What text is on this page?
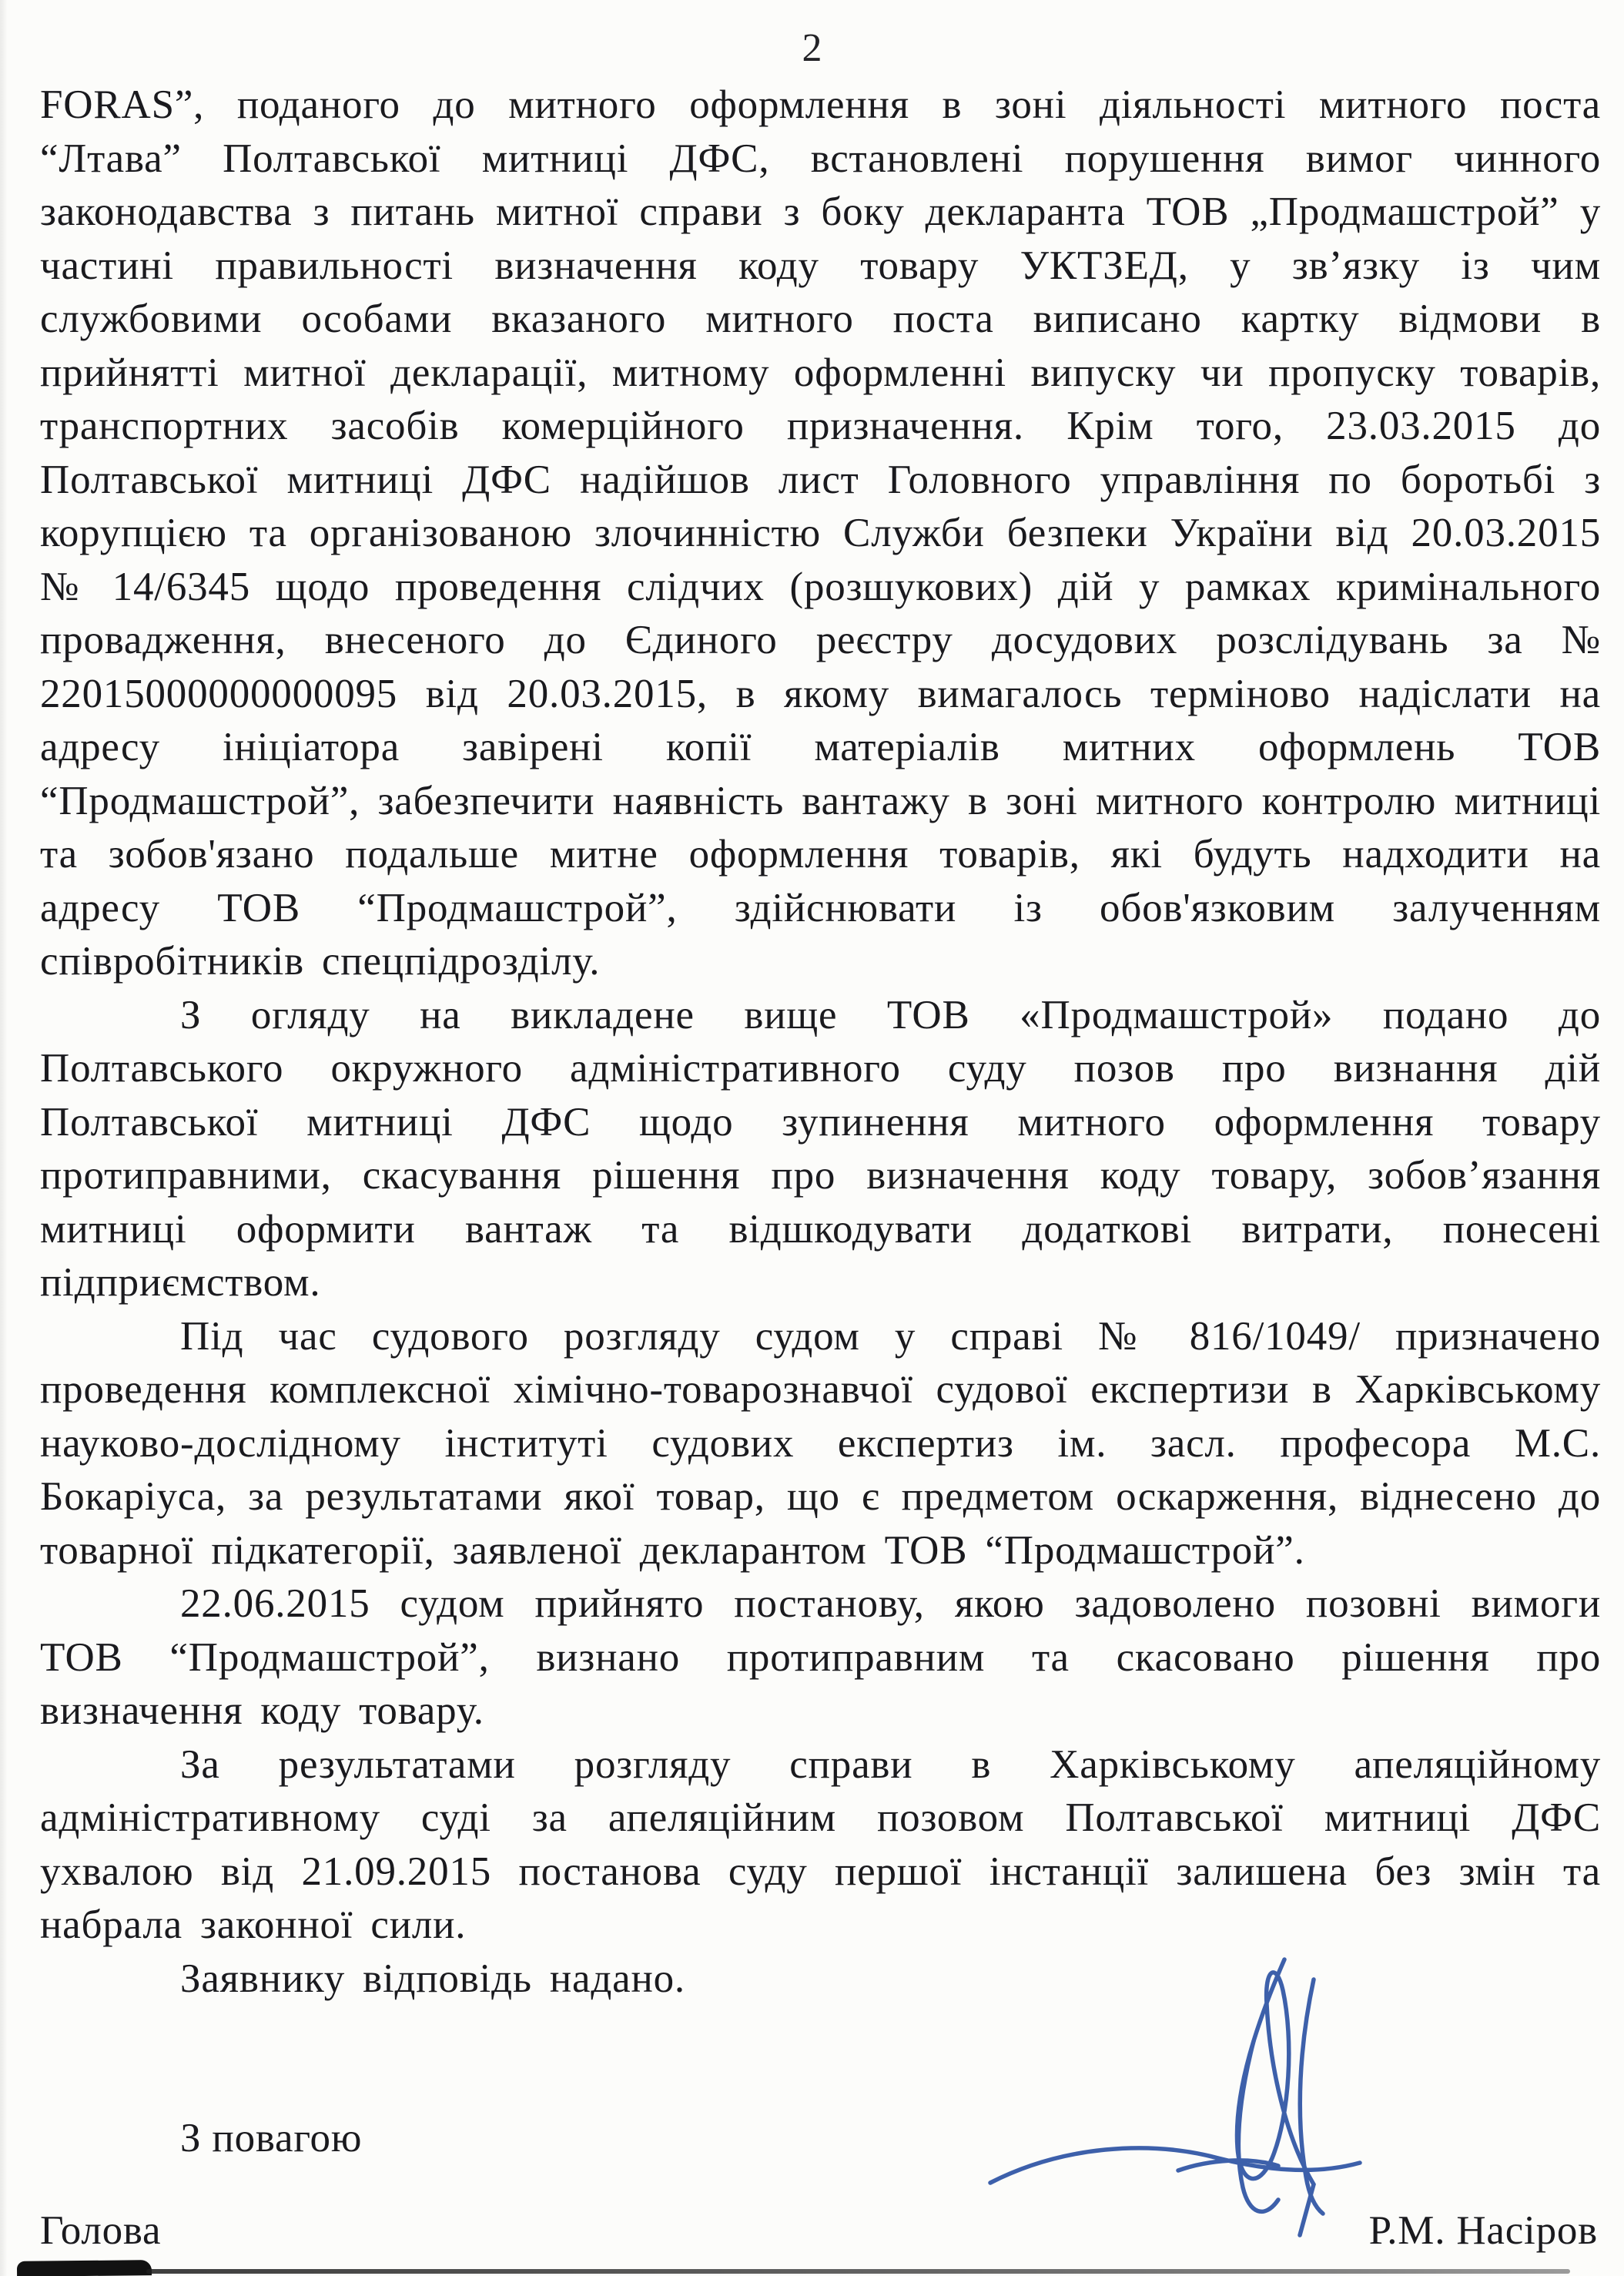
2

FORAS”, поданого до митного оформлення в зоні діяльності митного поста “Лтава” Полтавської митниці ДФС, встановлені порушення вимог чинного законодавства з питань митної справи з боку декларанта ТОВ „Продмашстрой” у частині правильності визначення коду товару УКТЗЕД, у зв’язку із чим службовими особами вказаного митного поста виписано картку відмови в прийнятті митної декларації, митному оформленні випуску чи пропуску товарів, транспортних засобів комерційного призначення. Крім того, 23.03.2015 до Полтавської митниці ДФС надійшов лист Головного управління по боротьбі з корупцією та організованою злочинністю Служби безпеки України від 20.03.2015 № 14/6345 щодо проведення слідчих (розшукових) дій у рамках кримінального провадження, внесеного до Єдиного реєстру досудових розслідувань за № 22015000000000095 від 20.03.2015, в якому вимагалось терміново надіслати на адресу ініціатора завірені копії матеріалів митних оформлень ТОВ “Продмашстрой”, забезпечити наявність вантажу в зоні митного контролю митниці та зобов'язано подальше митне оформлення товарів, які будуть надходити на адресу ТОВ “Продмашстрой”, здійснювати із обов'язковим залученням співробітників спецпідрозділу.

З огляду на викладене вище ТОВ «Продмашстрой» подано до Полтавського окружного адміністративного суду позов про визнання дій Полтавської митниці ДФС щодо зупинення митного оформлення товару протиправними, скасування рішення про визначення коду товару, зобов’язання митниці оформити вантаж та відшкодувати додаткові витрати, понесені підприємством.

Під час судового розгляду судом у справі № 816/1049/ призначено проведення комплексної хімічно-товарознавчої судової експертизи в Харківському науково-дослідному інституті судових експертиз ім. засл. професора М.С. Бокаріуса, за результатами якої товар, що є предметом оскарження, віднесено до товарної підкатегорії, заявленої декларантом ТОВ “Продмашстрой”.

22.06.2015 судом прийнято постанову, якою задоволено позовні вимоги ТОВ “Продмашстрой”, визнано протиправним та скасовано рішення про визначення коду товару.

За результатами розгляду справи в Харківському апеляційному адміністративному суді за апеляційним позовом Полтавської митниці ДФС ухвалою від 21.09.2015 постанова суду першої інстанції залишена без змін та набрала законної сили.

Заявнику відповідь надано.

З повагою

Голова	Р.М. Насіров
